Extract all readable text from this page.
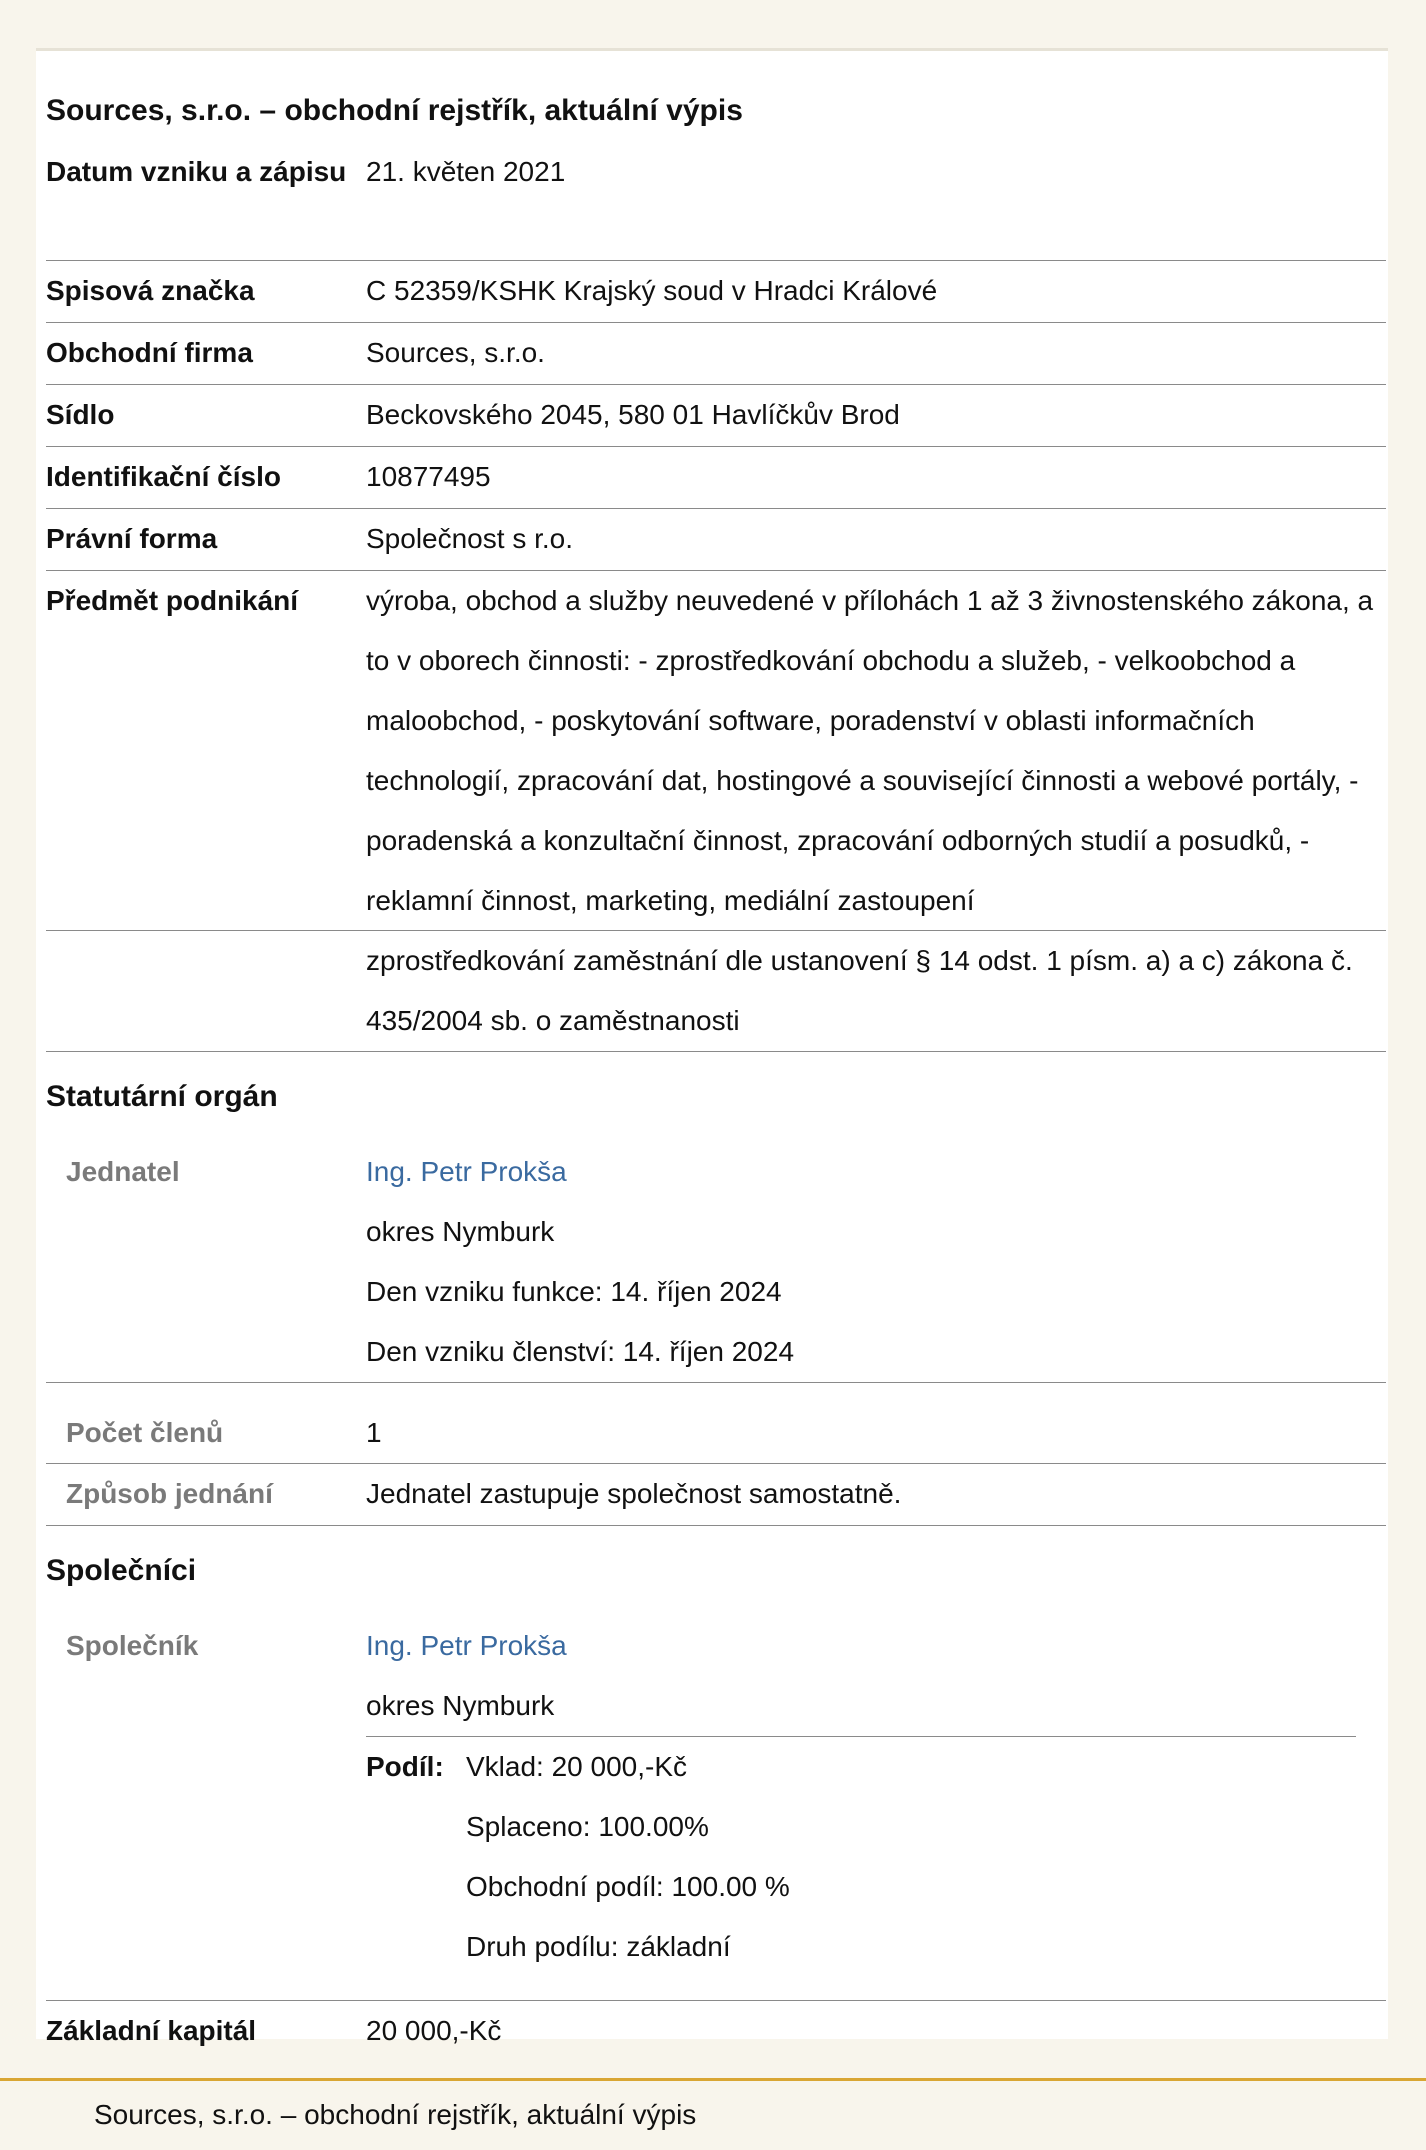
Sources, s.r.o. – obchodní rejstřík, aktuální výpis
Datum vzniku a zápisu 21. květen 2021
Spisová značka	C 52359/KSHK Krajský soud v Hradci Králové
Obchodní firma	Sources, s.r.o.
Sídlo	Beckovského 2045, 580 01 Havlíčkův Brod
Identifikační číslo	10877495
Právní forma	Společnost s r.o.
Předmět podnikání	výroba, obchod a služby neuvedené v přílohách 1 až 3 živnostenského zákona, a to v oborech činnosti: - zprostředkování obchodu a služeb, - velkoobchod a maloobchod, - poskytování software, poradenství v oblasti informačních technologií, zpracování dat, hostingové a související činnosti a webové portály, - poradenská a konzultační činnost, zpracování odborných studií a posudků, - reklamní činnost, marketing, mediální zastoupení
zprostředkování zaměstnání dle ustanovení § 14 odst. 1 písm. a) a c) zákona č. 435/2004 sb. o zaměstnanosti
Statutární orgán
Jednatel	Ing. Petr Prokša
okres Nymburk
Den vzniku funkce: 14. říjen 2024
Den vzniku členství: 14. říjen 2024
Počet členů	1
Způsob jednání	Jednatel zastupuje společnost samostatně.
Společníci
Společník	Ing. Petr Prokša
okres Nymburk
Podíl: Vklad: 20 000,-Kč
Splaceno: 100.00%
Obchodní podíl: 100.00 %
Druh podílu: základní
Základní kapitál	20 000,-Kč
Sources, s.r.o. – obchodní rejstřík, aktuální výpis
